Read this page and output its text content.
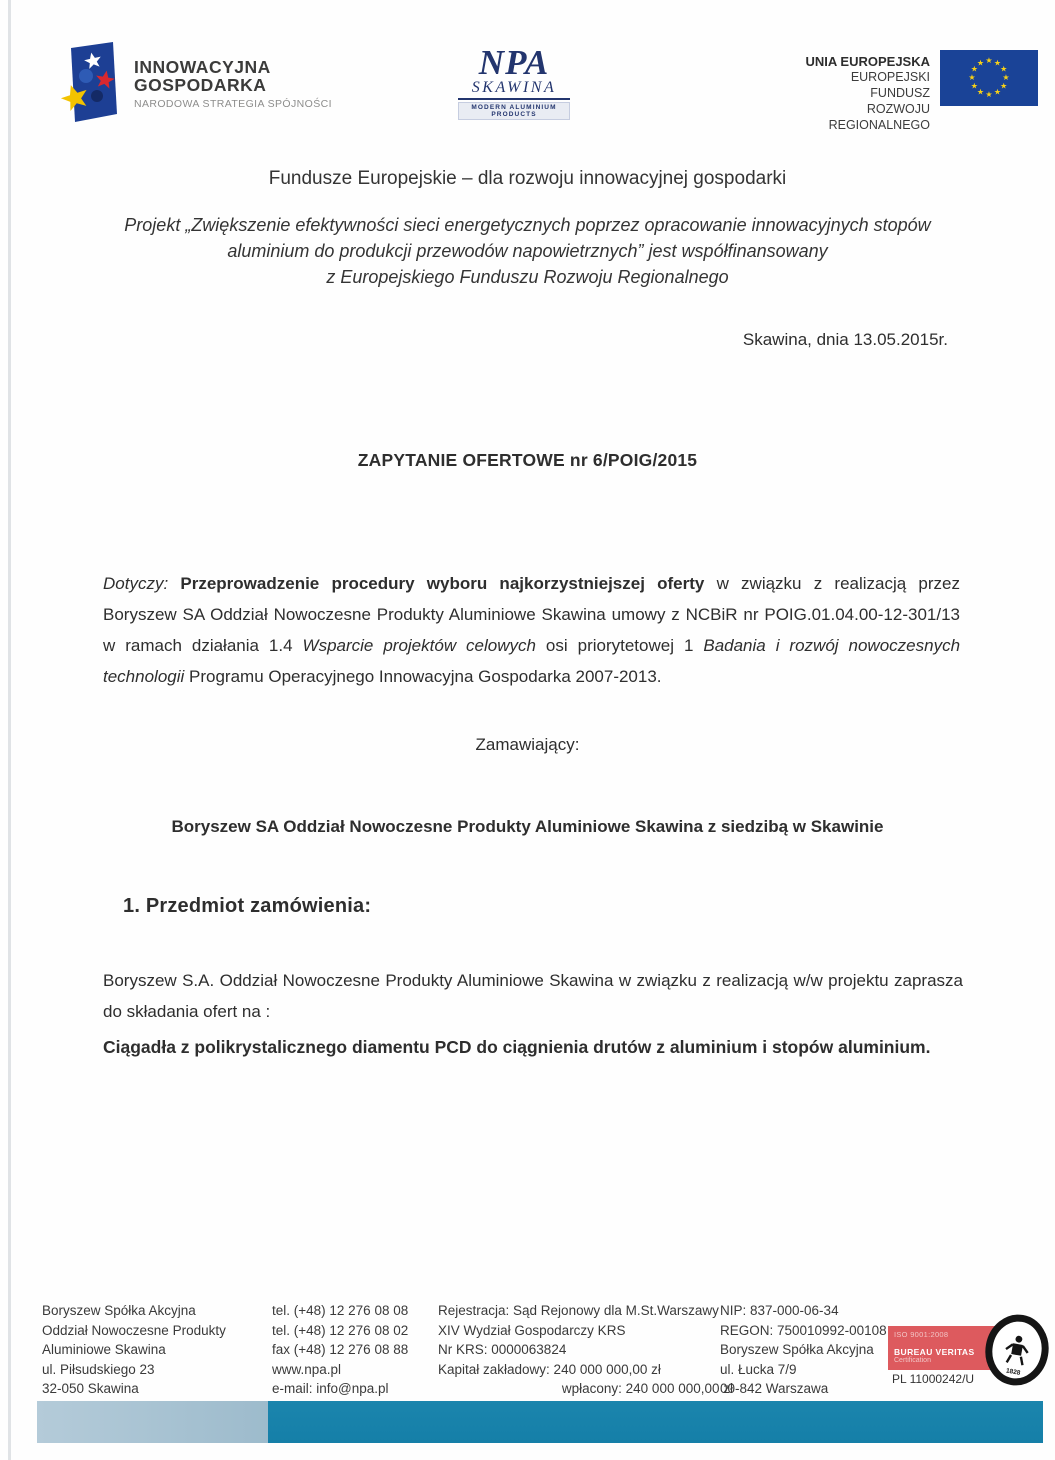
INNOWACYJNA
GOSPODARKA
NARODOWA STRATEGIA SPÓJNOŚCI
NPA
SKAWINA
MODERN ALUMINIUM PRODUCTS
UNIA EUROPEJSKA
EUROPEJSKI FUNDUSZ
ROZWOJU REGIONALNEGO
★ ★
★
★
★
★
★
★
★
★
★
★
Fundusze Europejskie – dla rozwoju innowacyjnej gospodarki
Projekt „Zwiększenie efektywności sieci energetycznych poprzez opracowanie innowacyjnych stopów
aluminium do produkcji przewodów napowietrznych” jest współfinansowany
z Europejskiego Funduszu Rozwoju Regionalnego
Skawina, dnia 13.05.2015r.
ZAPYTANIE OFERTOWE nr 6/POIG/2015

Dotyczy: Przeprowadzenie procedury wyboru najkorzystniejszej oferty w związku z realizacją przez Boryszew SA Oddział Nowoczesne Produkty Aluminiowe Skawina umowy z NCBiR nr POIG.01.04.00-12-301/13 w ramach działania 1.4 Wsparcie projektów celowych osi priorytetowej 1 Badania i rozwój nowoczesnych technologii Programu Operacyjnego Innowacyjna Gospodarka 2007-2013.

Zamawiający:
Boryszew SA Oddział Nowoczesne Produkty Aluminiowe Skawina z siedzibą w Skawinie
1. Przedmiot zamówienia:

Boryszew S.A. Oddział Nowoczesne Produkty Aluminiowe Skawina w związku z realizacją w/w projektu zaprasza do składania ofert na :

Ciągadła z polikrystalicznego diamentu PCD do ciągnienia drutów z aluminium i stopów aluminium.
Boryszew Spółka Akcyjna
Oddział Nowoczesne Produkty
Aluminiowe Skawina
ul. Piłsudskiego 23
32-050 Skawina
tel. (+48) 12 276 08 08
tel. (+48) 12 276 08 02
fax (+48) 12 276 08 88
www.npa.pl
e-mail: info@npa.pl
Rejestracja: Sąd Rejonowy dla M.St.Warszawy
XIV Wydział Gospodarczy KRS
Nr KRS: 0000063824
Kapitał zakładowy: 240 000 000,00 zł
wpłacony: 240 000 000,00 zł
NIP: 837-000-06-34
REGON: 750010992-00108
Boryszew Spółka Akcyjna
ul. Łucka 7/9
00-842 Warszawa
ISO 9001:2008
BUREAU VERITAS
Certification
1828
PL 11000242/U
